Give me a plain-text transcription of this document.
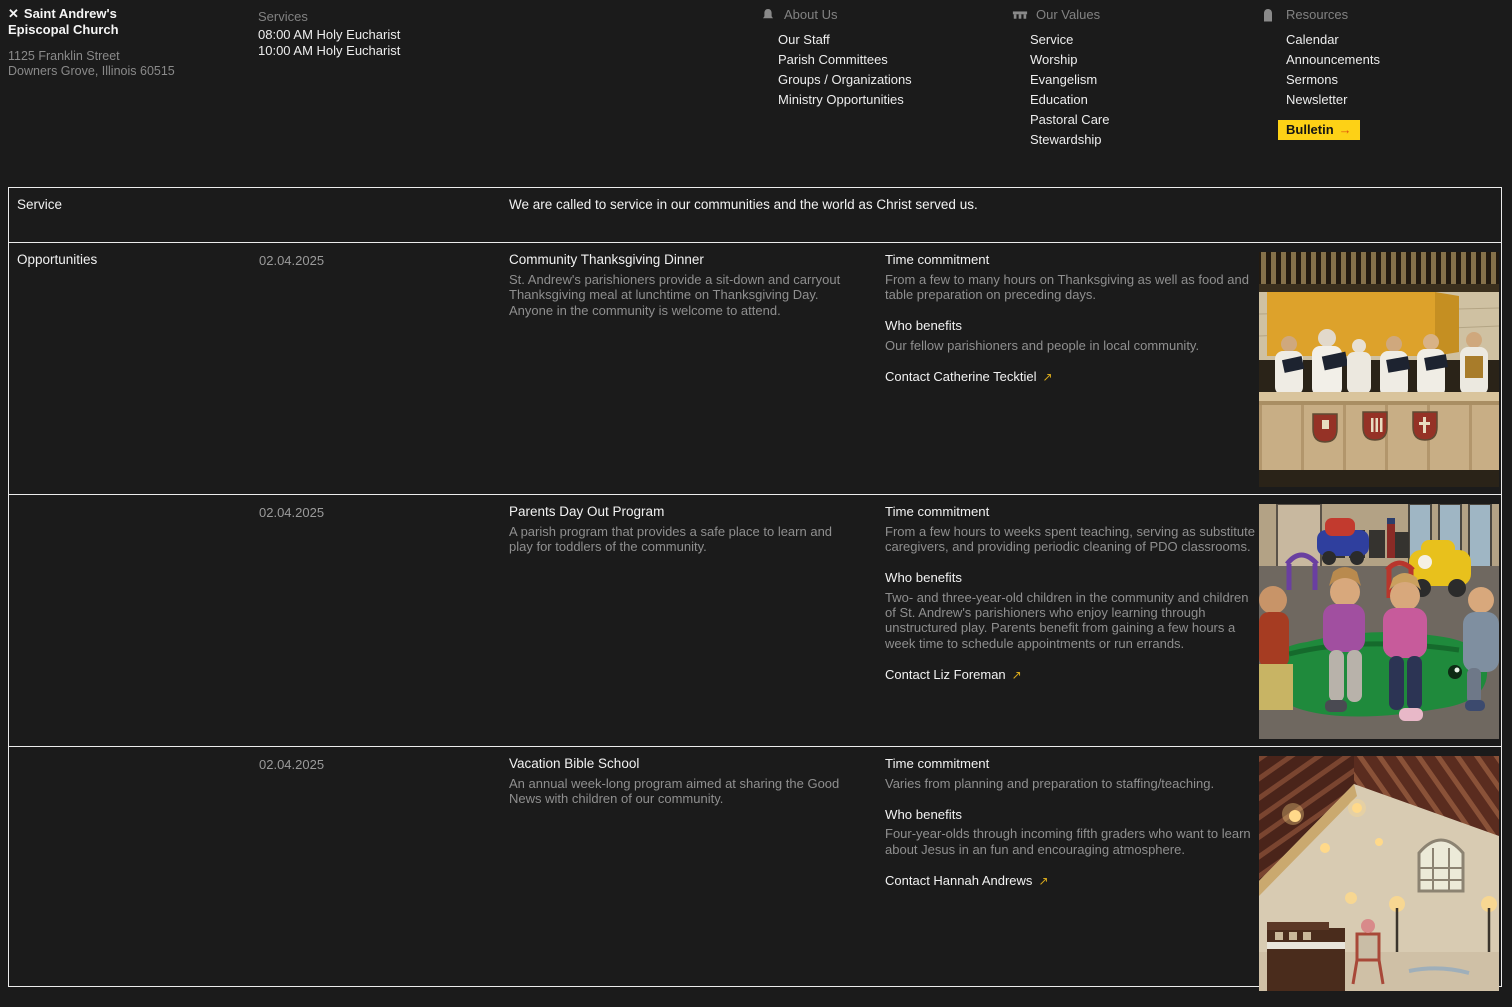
✕ Saint Andrew's
Episcopal Church
1125 Franklin Street
Downers Grove, Illinois 60515
Services
08:00 AM Holy Eucharist
10:00 AM Holy Eucharist
About Us
Our Staff
Parish Committees
Groups / Organizations
Ministry Opportunities
Our Values
Service
Worship
Evangelism
Education
Pastoral Care
Stewardship
Resources
Calendar
Announcements
Sermons
Newsletter
Bulletin →
Service	We are called to service in our communities and the world as Christ served us.
Opportunities	02.04.2025	Community Thanksgiving Dinner

St. Andrew's parishioners provide a sit-down and carryout Thanksgiving meal at lunchtime on Thanksgiving Day. Anyone in the community is welcome to attend.

Time commitment

From a few to many hours on Thanksgiving as well as food and table preparation on preceding days.

Who benefits

Our fellow parishioners and people in local community.

Contact Catherine Tecktiel ↗
02.04.2025	Parents Day Out Program

A parish program that provides a safe place to learn and play for toddlers of the community.

Time commitment

From a few hours to weeks spent teaching, serving as substitute caregivers, and providing periodic cleaning of PDO classrooms.

Who benefits

Two- and three-year-old children in the community and children of St. Andrew's parishioners who enjoy learning through unstructured play. Parents benefit from gaining a few hours a week time to schedule appointments or run errands.

Contact Liz Foreman ↗
02.04.2025	Vacation Bible School

An annual week-long program aimed at sharing the Good News with children of our community.

Time commitment

Varies from planning and preparation to staffing/teaching.

Who benefits

Four-year-olds through incoming fifth graders who want to learn about Jesus in an fun and encouraging atmosphere.

Contact Hannah Andrews ↗
